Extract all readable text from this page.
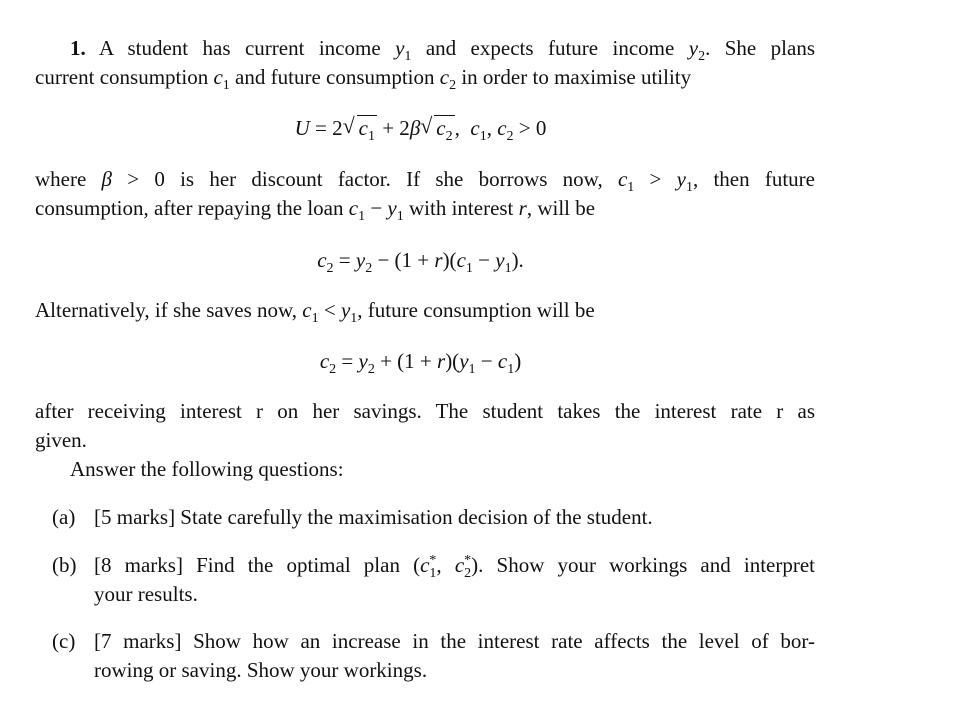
1. A student has current income $y_1$ and expects future income $y_2$. She plans
current consumption $c_1$ and future consumption $c_2$ in order to maximise utility
U = 2√ $c_1 + 2\beta√$ $c_2$,  $c_1$, $c_2 > 0$
where β > 0 is her discount factor. If she borrows now, $c_1 > y_1$, then future
consumption, after repaying the loan $c_1 - y_1$ with interest r, will be
$c_2 = y_2 - (1 + r)(c_1 - y_1)$.
Alternatively, if she saves now, $c_1 < y_1$, future consumption will be
$c_2 = y_2 + (1 + r)(y_1 - c_1)$
after receiving interest r on her savings. The student takes the interest rate r as
given.
Answer the following questions:
(a) [5 marks] State carefully the maximisation decision of the student.
(b) [8 marks] Find the optimal plan ($c^*_1$, $c^*_2$). Show your workings and interpret
your results.
(c) [7 marks] Show how an increase in the interest rate affects the level of bor-
rowing or saving. Show your workings.
